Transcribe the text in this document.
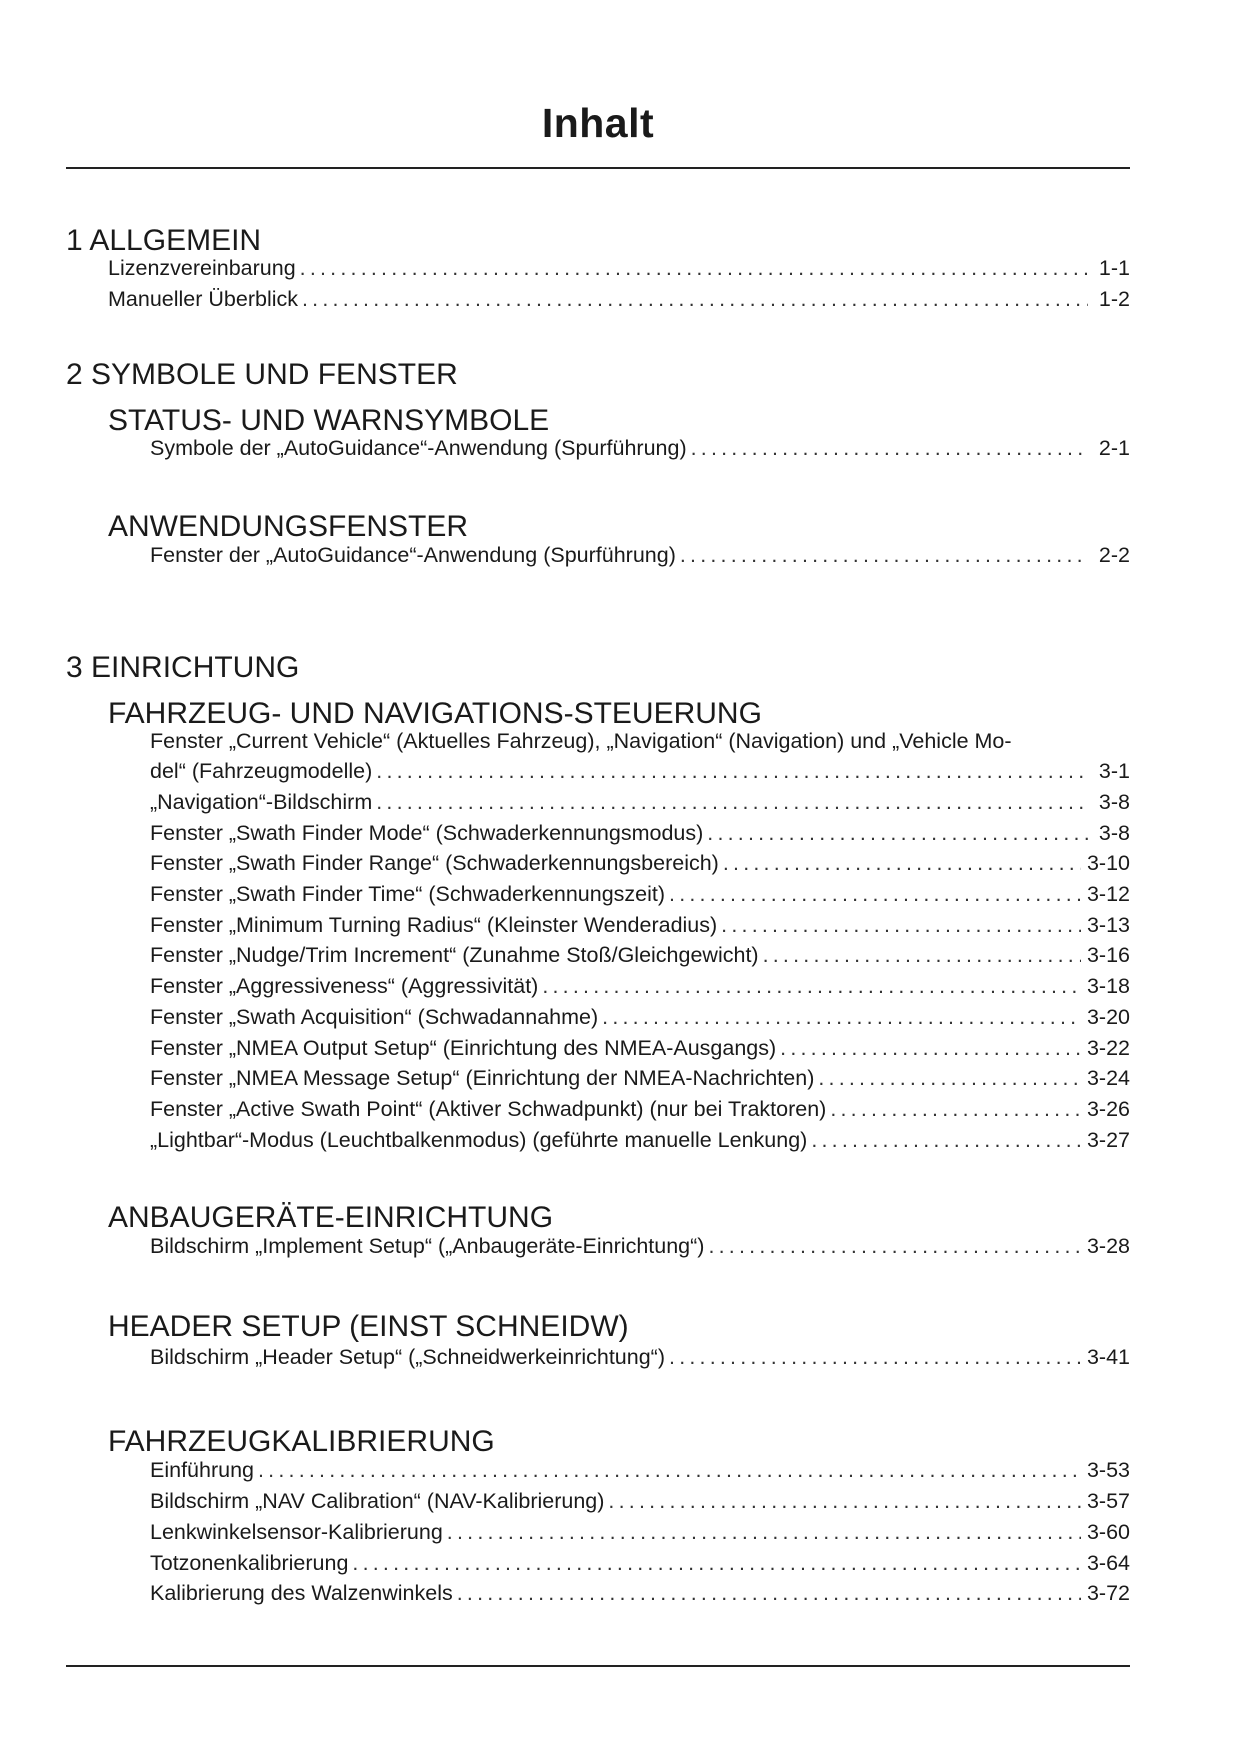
Inhalt
1 ALLGEMEIN
Lizenzvereinbarung .....	1-1
Manueller Überblick .....	1-2
2 SYMBOLE UND FENSTER
STATUS- UND WARNSYMBOLE
Symbole der „AutoGuidance“-Anwendung (Spurführung) .....	2-1
ANWENDUNGSFENSTER
Fenster der „AutoGuidance“-Anwendung (Spurführung) .....	2-2
3 EINRICHTUNG
FAHRZEUG- UND NAVIGATIONS-STEUERUNG
Fenster „Current Vehicle“ (Aktuelles Fahrzeug), „Navigation“ (Navigation) und „Vehicle Mo-
del“ (Fahrzeugmodelle) .....	3-1
„Navigation“-Bildschirm .....	3-8
Fenster „Swath Finder Mode“ (Schwaderkennungsmodus) .....	3-8
Fenster „Swath Finder Range“ (Schwaderkennungsbereich) .....	3-10
Fenster „Swath Finder Time“ (Schwaderkennungszeit) .....	3-12
Fenster „Minimum Turning Radius“ (Kleinster Wenderadius) .....	3-13
Fenster „Nudge/Trim Increment“ (Zunahme Stoß/Gleichgewicht) .....	3-16
Fenster „Aggressiveness“ (Aggressivität) .....	3-18
Fenster „Swath Acquisition“ (Schwadannahme) .....	3-20
Fenster „NMEA Output Setup“ (Einrichtung des NMEA-Ausgangs) .....	3-22
Fenster „NMEA Message Setup“ (Einrichtung der NMEA-Nachrichten) .....	3-24
Fenster „Active Swath Point“ (Aktiver Schwadpunkt) (nur bei Traktoren) .....	3-26
„Lightbar“-Modus (Leuchtbalkenmodus) (geführte manuelle Lenkung) .....	3-27
ANBAUGERÄTE-EINRICHTUNG
Bildschirm „Implement Setup“ („Anbaugeräte-Einrichtung“) .....	3-28
HEADER SETUP (EINST SCHNEIDW)
Bildschirm „Header Setup“ („Schneidwerkeinrichtung“) .....	3-41
FAHRZEUGKALIBRIERUNG
Einführung .....	3-53
Bildschirm „NAV Calibration“ (NAV-Kalibrierung) .....	3-57
Lenkwinkelsensor-Kalibrierung .....	3-60
Totzonenkalibrierung .....	3-64
Kalibrierung des Walzenwinkels .....	3-72
